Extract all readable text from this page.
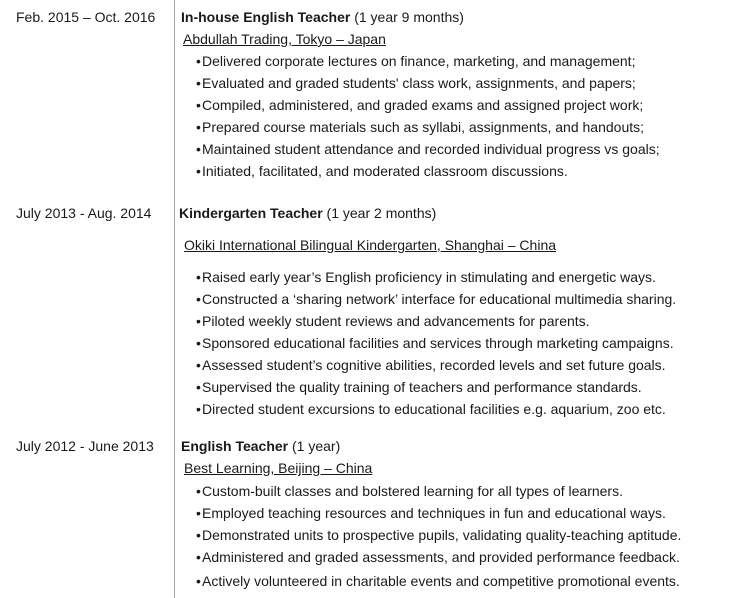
Feb. 2015 – Oct. 2016 In-house English Teacher (1 year 9 months)
Abdullah Trading, Tokyo – Japan
•Delivered corporate lectures on finance, marketing, and management;
•Evaluated and graded students' class work, assignments, and papers;
•Compiled, administered, and graded exams and assigned project work;
•Prepared course materials such as syllabi, assignments, and handouts;
•Maintained student attendance and recorded individual progress vs goals;
•Initiated, facilitated, and moderated classroom discussions.
July 2013 - Aug. 2014 Kindergarten Teacher (1 year 2 months)
Okiki International Bilingual Kindergarten, Shanghai – China
•Raised early year’s English proficiency in stimulating and energetic ways.
•Constructed a ‘sharing network’ interface for educational multimedia sharing.
•Piloted weekly student reviews and advancements for parents.
•Sponsored educational facilities and services through marketing campaigns.
•Assessed student’s cognitive abilities, recorded levels and set future goals.
•Supervised the quality training of teachers and performance standards.
•Directed student excursions to educational facilities e.g. aquarium, zoo etc.
July 2012 - June 2013 English Teacher (1 year)
Best Learning, Beijing – China
•Custom-built classes and bolstered learning for all types of learners.
•Employed teaching resources and techniques in fun and educational ways.
•Demonstrated units to prospective pupils, validating quality-teaching aptitude.
•Administered and graded assessments, and provided performance feedback.
•Actively volunteered in charitable events and competitive promotional events.
